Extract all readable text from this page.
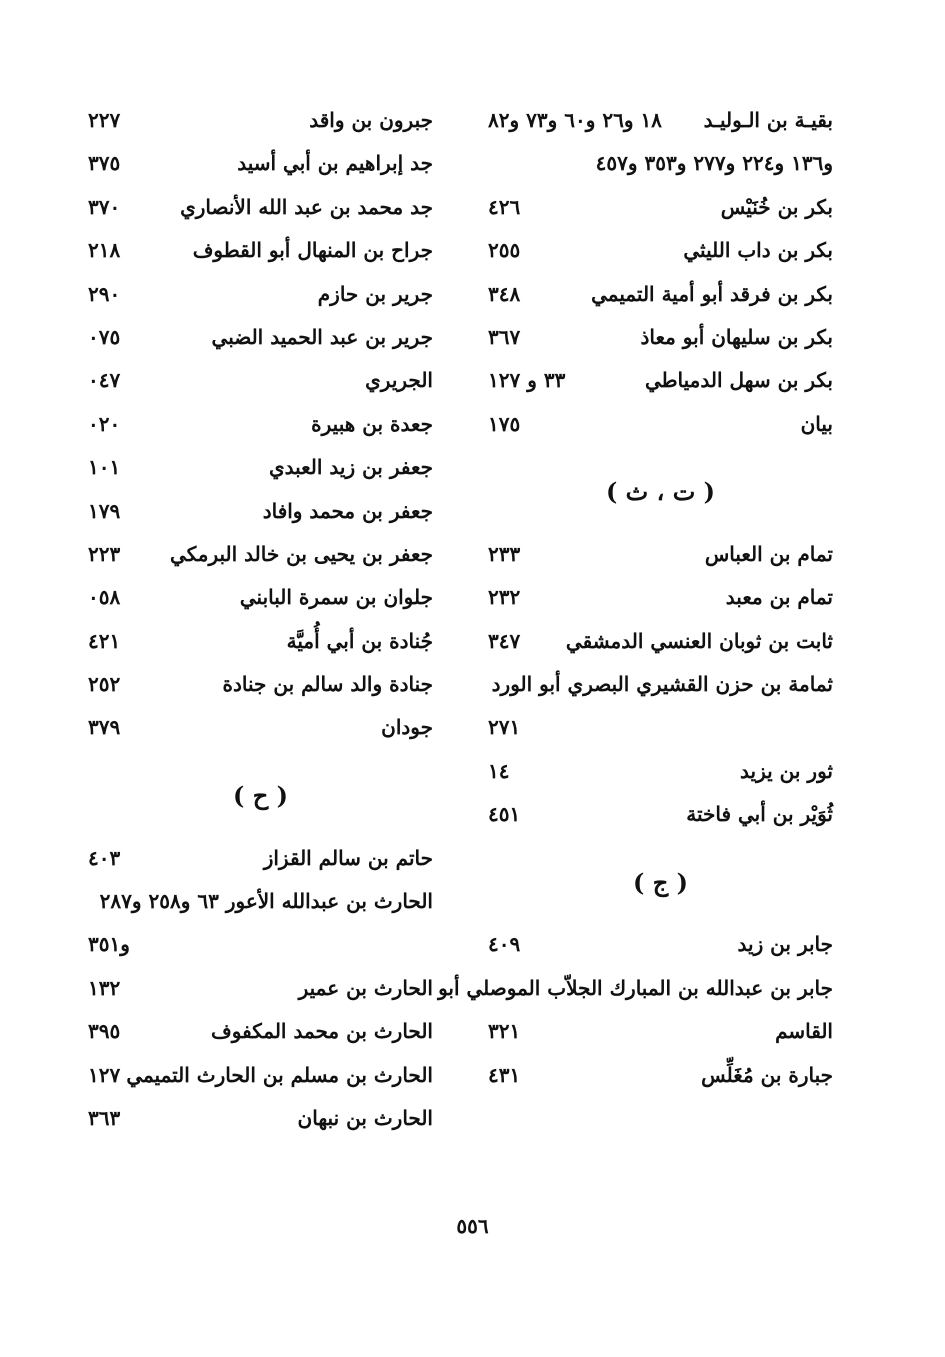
بقيـة بن الـوليـد
١٨ و٢٦ و٦٠ و٧٣ و٨٢
و١٣٦ و٢٢٤ و٢٧٧ و٣٥٣ و٤٥٧
بكر بن خُنَيْس
٤٢٦
بكر بن داب الليثي
٢٥٥
بكر بن فرقد أبو أمية التميمي
٣٤٨
بكر بن سليهان أبو معاذ
٣٦٧
بكر بن سهل الدمياطي
٣٣ و ١٢٧
بيان
١٧٥
( ت ، ث )
تمام بن العباس
٢٣٣
تمام بن معبد
٢٣٢
ثابت بن ثوبان العنسي الدمشقي
٣٤٧
ثمامة بن حزن القشيري البصري أبو الورد
٢٧١
ثور بن يزيد
١٤
ثُوَيْر بن أبي فاختة
٤٥١
( ج )
جابر بن زيد
٤٠٩
جابر بن عبدالله بن المبارك الجلاّب الموصلي أبو
القاسم
٣٢١
جبارة بن مُغَلِّس
٤٣١
جبرون بن واقد
٢٢٧
جد إبراهيم بن أبي أسيد
٣٧٥
جد محمد بن عبد الله الأنصاري
٣٧٠
جراح بن المنهال أبو القطوف
٢١٨
جرير بن حازم
٢٩٠
جرير بن عبد الحميد الضبي
٠٧٥
الجريري
٠٤٧
جعدة بن هبيرة
٠٢٠
جعفر بن زيد العبدي
١٠١
جعفر بن محمد وافاد
١٧٩
جعفر بن يحيى بن خالد البرمكي
٢٢٣
جلوان بن سمرة البابني
٠٥٨
جُنادة بن أبي أُميَّة
٤٢١
جنادة والد سالم بن جنادة
٢٥٢
جودان
٣٧٩
( ح )
حاتم بن سالم القزاز
٤٠٣
الحارث بن عبدالله الأعور ٦٣ و٢٥٨ و٢٨٧
و٣٥١
الحارث بن عمير
١٣٢
الحارث بن محمد المكفوف
٣٩٥
الحارث بن مسلم بن الحارث التميمي
١٢٧
الحارث بن نبهان
٣٦٣
٥٥٦
